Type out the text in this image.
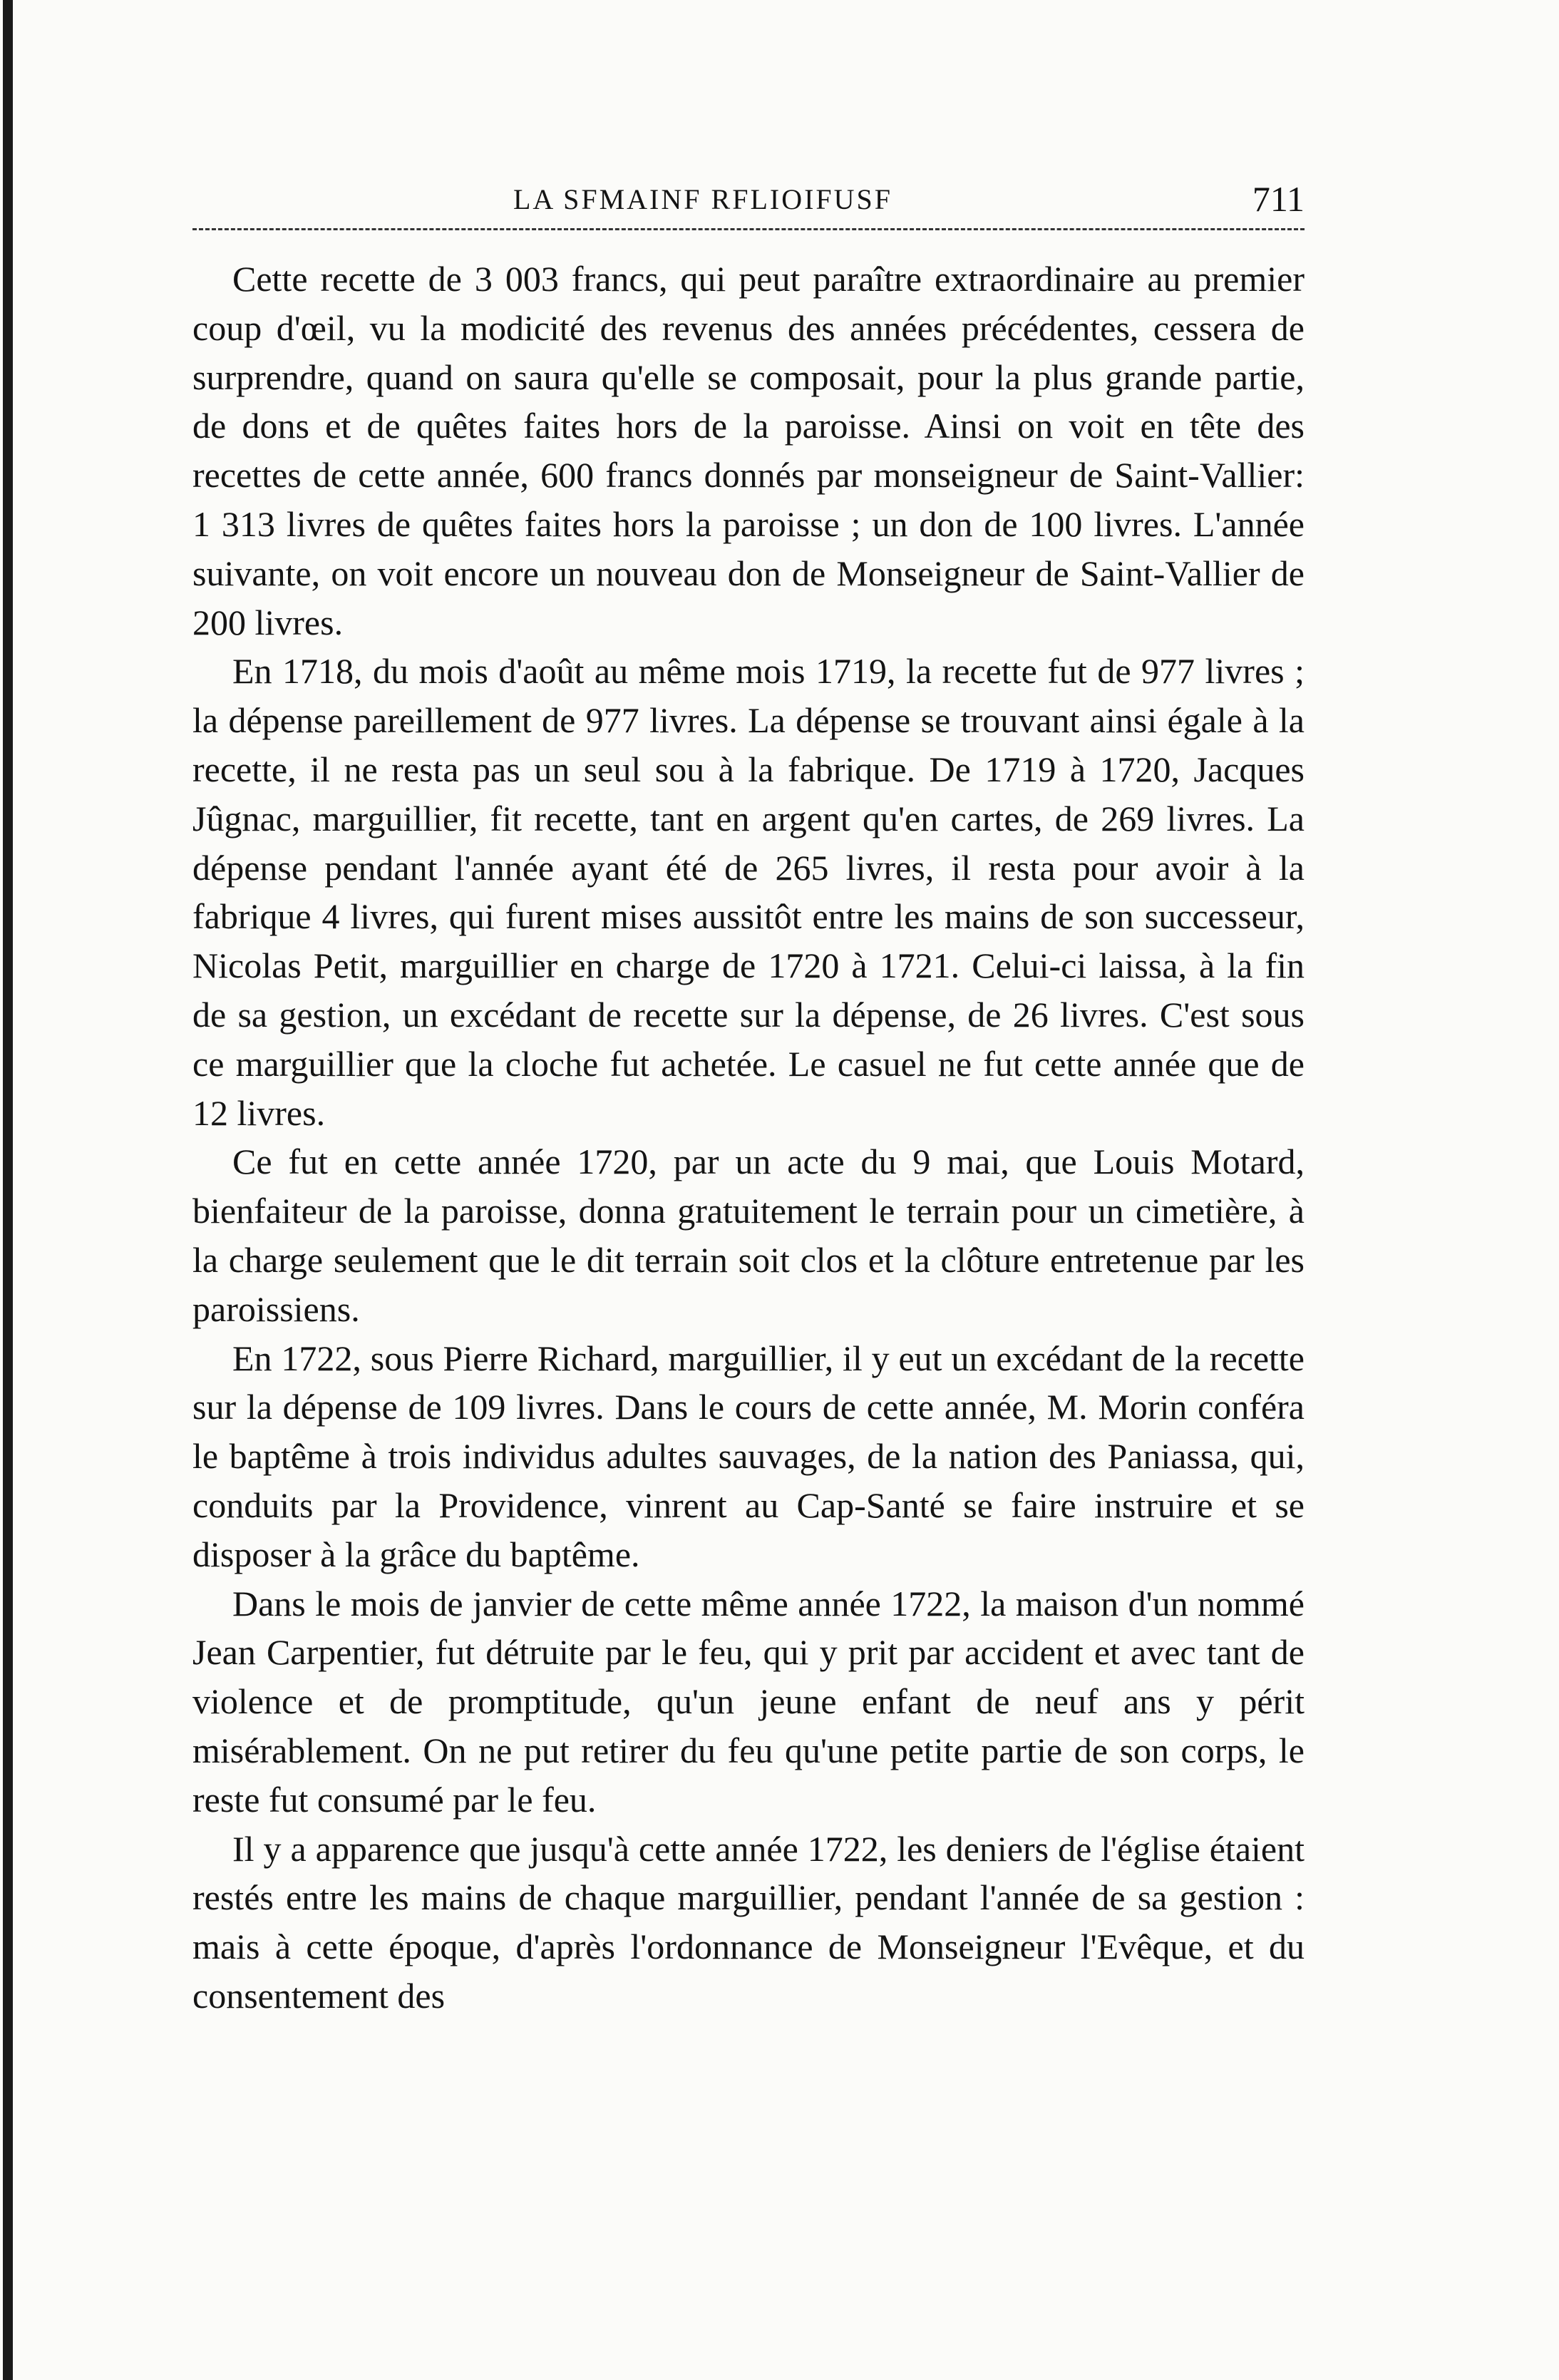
LA SFMAINF RFLIOIFUSF	711

Cette recette de 3 003 francs, qui peut paraître extraordinaire au premier coup d'œil, vu la modicité des revenus des années précédentes, cessera de surprendre, quand on saura qu'elle se composait, pour la plus grande partie, de dons et de quêtes faites hors de la paroisse. Ainsi on voit en tête des recettes de cette année, 600 francs donnés par monseigneur de Saint-Vallier: 1 313 livres de quêtes faites hors la paroisse ; un don de 100 livres. L'année suivante, on voit encore un nouveau don de Monseigneur de Saint-Vallier de 200 livres.

En 1718, du mois d'août au même mois 1719, la recette fut de 977 livres ; la dépense pareillement de 977 livres. La dépense se trouvant ainsi égale à la recette, il ne resta pas un seul sou à la fabrique. De 1719 à 1720, Jacques Jûgnac, marguillier, fit recette, tant en argent qu'en cartes, de 269 livres. La dépense pendant l'année ayant été de 265 livres, il resta pour avoir à la fabrique 4 livres, qui furent mises aussitôt entre les mains de son successeur, Nicolas Petit, marguillier en charge de 1720 à 1721. Celui-ci laissa, à la fin de sa gestion, un excédant de recette sur la dépense, de 26 livres. C'est sous ce marguillier que la cloche fut achetée. Le casuel ne fut cette année que de 12 livres.

Ce fut en cette année 1720, par un acte du 9 mai, que Louis Motard, bienfaiteur de la paroisse, donna gratuitement le terrain pour un cimetière, à la charge seulement que le dit terrain soit clos et la clôture entretenue par les paroissiens.

En 1722, sous Pierre Richard, marguillier, il y eut un excédant de la recette sur la dépense de 109 livres. Dans le cours de cette année, M. Morin conféra le baptême à trois individus adultes sauvages, de la nation des Paniassa, qui, conduits par la Providence, vinrent au Cap-Santé se faire instruire et se disposer à la grâce du baptême.

Dans le mois de janvier de cette même année 1722, la maison d'un nommé Jean Carpentier, fut détruite par le feu, qui y prit par accident et avec tant de violence et de promptitude, qu'un jeune enfant de neuf ans y périt misérablement. On ne put retirer du feu qu'une petite partie de son corps, le reste fut consumé par le feu.

Il y a apparence que jusqu'à cette année 1722, les deniers de l'église étaient restés entre les mains de chaque marguillier, pendant l'année de sa gestion : mais à cette époque, d'après l'ordonnance de Monseigneur l'Evêque, et du consentement des
